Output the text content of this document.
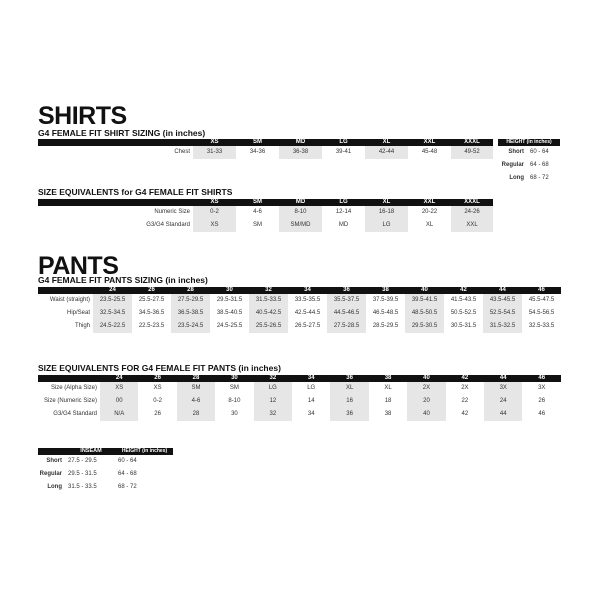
SHIRTS
G4 FEMALE FIT SHIRT SIZING (in inches)
	XS	SM	MD	LG	XL	XXL	XXXL
Chest	31-33	34-36	36-38	39-41	42-44	45-48	49-52
HEIGHT (in inches)	
Short	60 - 64
Regular	64 - 68
Long	68 - 72
SIZE EQUIVALENTS for G4 FEMALE FIT SHIRTS
	XS	SM	MD	LG	XL	XXL	XXXL
Numeric Size	0-2	4-6	8-10	12-14	16-18	20-22	24-26
G3/G4 Standard	XS	SM	SM/MD	MD	LG	XL	XXL
PANTS
G4 FEMALE FIT PANTS SIZING (in inches)
	24	26	28	30	32	34	36	38	40	42	44	46
Waist (straight)	23.5-25.5	25.5-27.5	27.5-29.5	29.5-31.5	31.5-33.5	33.5-35.5	35.5-37.5	37.5-39.5	39.5-41.5	41.5-43.5	43.5-45.5	45.5-47.5
Hip/Seat	32.5-34.5	34.5-36.5	36.5-38.5	38.5-40.5	40.5-42.5	42.5-44.5	44.5-46.5	46.5-48.5	48.5-50.5	50.5-52.5	52.5-54.5	54.5-56.5
Thigh	24.5-22.5	22.5-23.5	23.5-24.5	24.5-25.5	25.5-26.5	26.5-27.5	27.5-28.5	28.5-29.5	29.5-30.5	30.5-31.5	31.5-32.5	32.5-33.5
SIZE EQUIVALENTS FOR G4 FEMALE FIT PANTS (in inches)
	24	26	28	30	32	34	36	38	40	42	44	46
Size (Alpha Size)	XS	XS	SM	SM	LG	LG	XL	XL	2X	2X	3X	3X
Size (Numeric Size)	00	0-2	4-6	8-10	12	14	16	18	20	22	24	26
G3/G4 Standard	N/A	26	28	30	32	34	36	38	40	42	44	46
	INSEAM	HEIGHT (in inches)
Short	27.5 - 29.5	60 - 64
Regular	29.5 - 31.5	64 - 68
Long	31.5 - 33.5	68 - 72
